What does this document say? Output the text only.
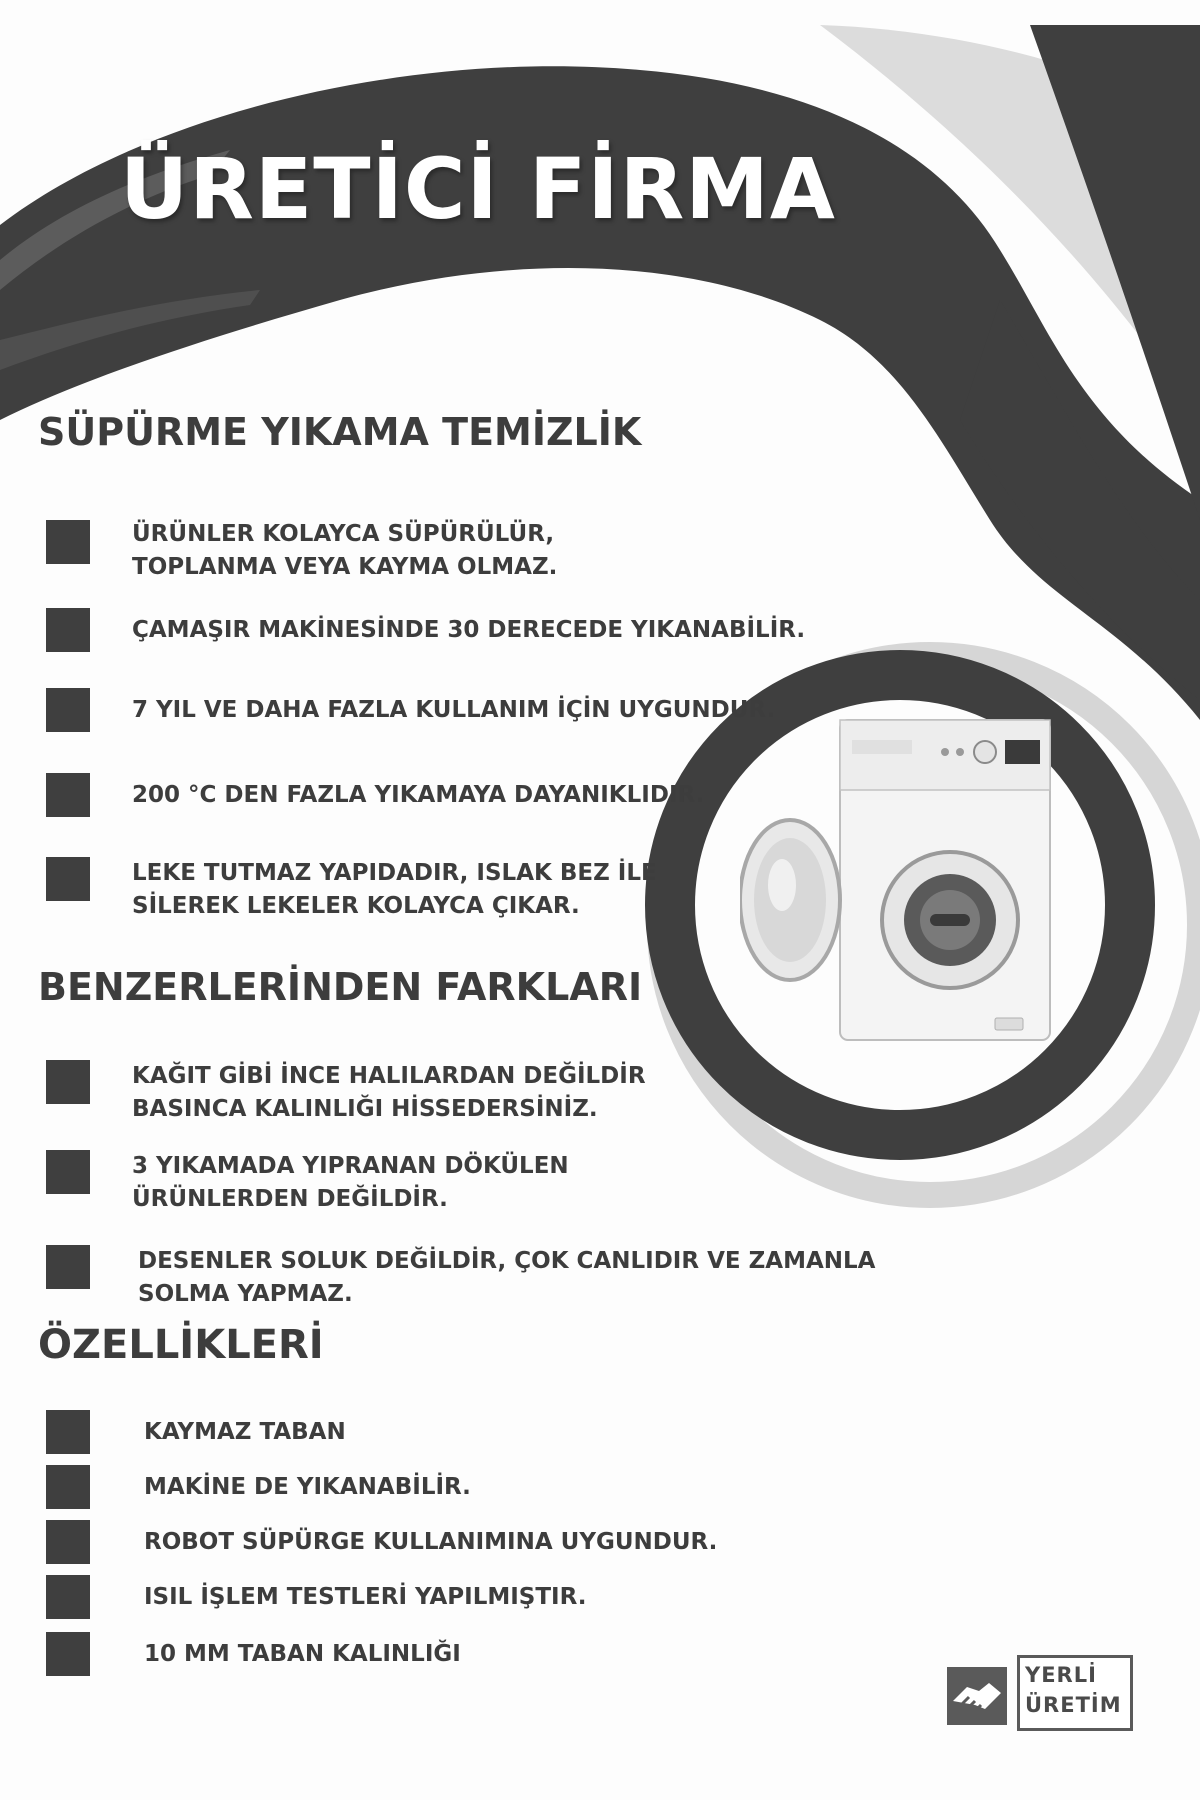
ÜRETİCİ FİRMA
SÜPÜRME YIKAMA TEMİZLİK
ÜRÜNLER KOLAYCA SÜPÜRÜLÜR,
TOPLANMA VEYA KAYMA OLMAZ.
ÇAMAŞIR MAKİNESİNDE 30 DERECEDE YIKANABİLİR.
7 YIL VE DAHA FAZLA KULLANIM İÇİN UYGUNDUR.
200 °C DEN FAZLA YIKAMAYA DAYANIKLIDIR.
LEKE TUTMAZ YAPIDADIR, ISLAK BEZ İLE
SİLEREK LEKELER KOLAYCA ÇIKAR.
BENZERLERİNDEN FARKLARI
KAĞIT GİBİ İNCE HALILARDAN DEĞİLDİR
BASINCA KALINLIĞI HİSSEDERSİNİZ.
3 YIKAMADA YIPRANAN DÖKÜLEN
ÜRÜNLERDEN DEĞİLDİR.
DESENLER SOLUK DEĞİLDİR, ÇOK CANLIDIR VE ZAMANLA
SOLMA YAPMAZ.
ÖZELLİKLERİ
KAYMAZ TABAN
MAKİNE DE YIKANABİLİR.
ROBOT SÜPÜRGE KULLANIMINA UYGUNDUR.
ISIL İŞLEM TESTLERİ YAPILMIŞTIR.
10 MM TABAN KALINLIĞI
YERLİ
ÜRETİM
